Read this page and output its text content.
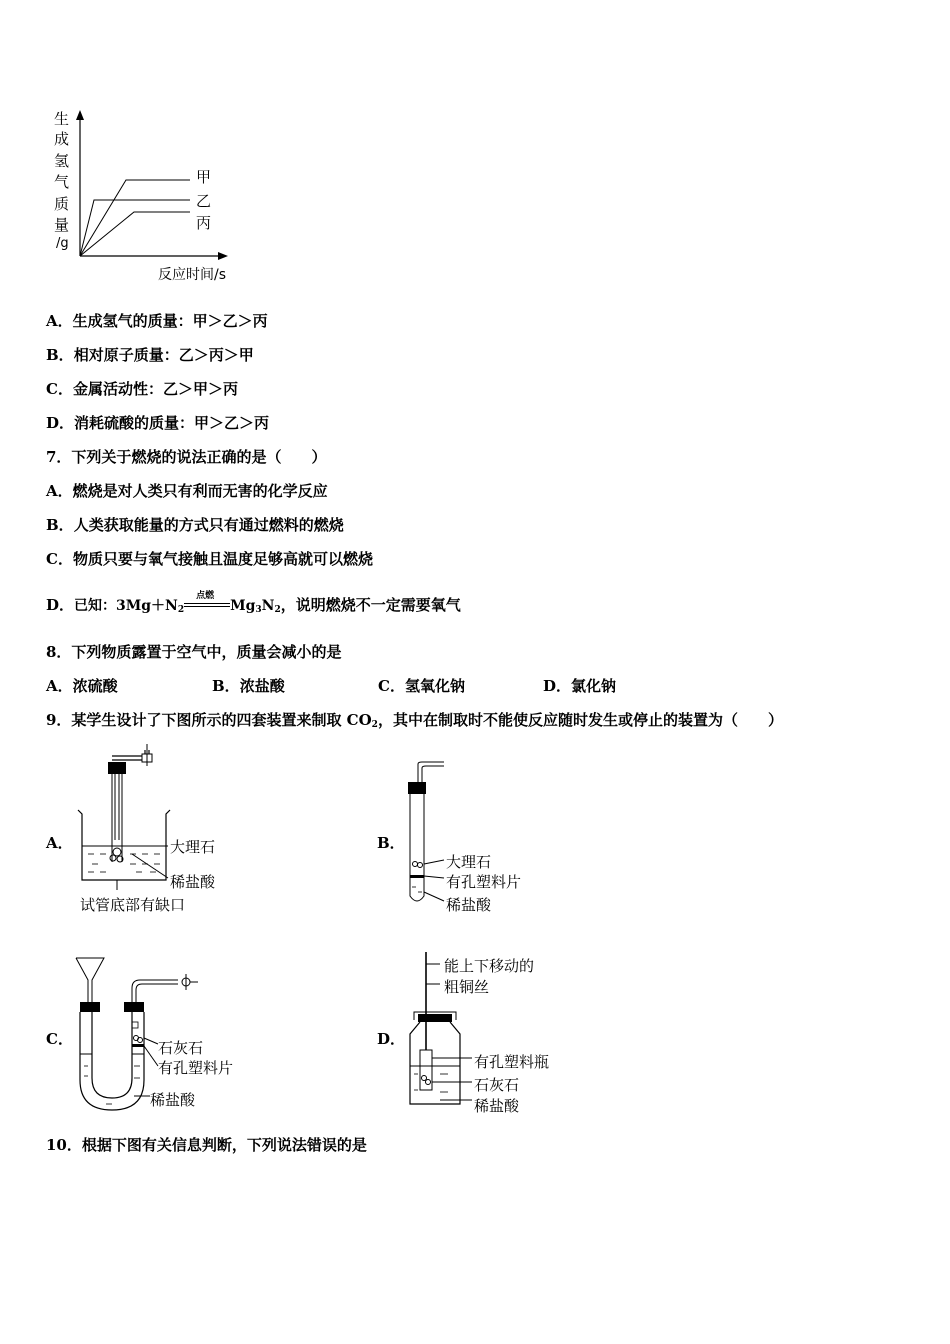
生
成
氢
气
质
量
/g
反应时间/s
甲
乙
丙
A．生成氢气的质量：甲＞乙＞丙
B．相对原子质量：乙＞丙＞甲
C．金属活动性：乙＞甲＞丙
D．消耗硫酸的质量：甲＞乙＞丙
7．下列关于燃烧的说法正确的是（　　）
A．燃烧是对人类只有利而无害的化学反应
B．人类获取能量的方式只有通过燃料的燃烧
C．物质只要与氧气接触且温度足够高就可以燃烧
D．已知：$3Mg+N_2$
点燃
$Mg_3N_2$，说明燃烧不一定需要氧气
8．下列物质露置于空气中，质量会减小的是
A．浓硫酸	B．浓盐酸	C．氢氧化钠	D．氯化钠
9．某学生设计了下图所示的四套装置来制取 $CO_2$，其中在制取时不能使反应随时发生或停止的装置为（　　）
A．	大理石
稀盐酸
试管底部有缺口
B．
大理石
有孔塑料片
稀盐酸
C．	石灰石
有孔塑料片
稀盐酸
D．
能上下移动的
粗铜丝
有孔塑料瓶
石灰石
稀盐酸
10．根据下图有关信息判断，下列说法错误的是
